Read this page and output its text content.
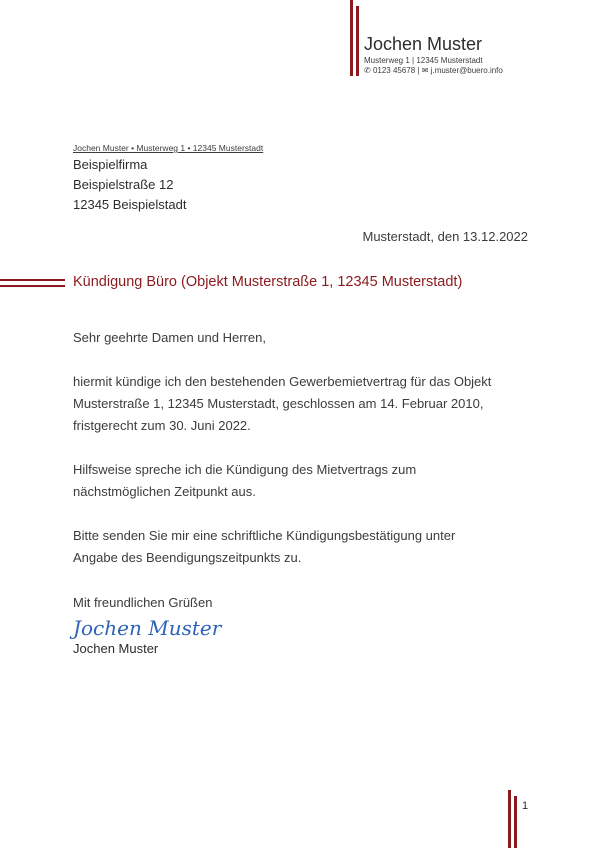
Jochen Muster
Musterweg 1 | 12345 Musterstadt
✆ 0123 45678 | ✉ j.muster@buero.info
Jochen Muster • Musterweg 1 • 12345 Musterstadt
Beispielfirma
Beispielstraße 12
12345 Beispielstadt
Musterstadt, den 13.12.2022
Kündigung Büro (Objekt Musterstraße 1, 12345 Musterstadt)
Sehr geehrte Damen und Herren,
hiermit kündige ich den bestehenden Gewerbemietvertrag für das Objekt
Musterstraße 1, 12345 Musterstadt, geschlossen am 14. Februar 2010,
fristgerecht zum 30. Juni 2022.
Hilfsweise spreche ich die Kündigung des Mietvertrags zum
nächstmöglichen Zeitpunkt aus.
Bitte senden Sie mir eine schriftliche Kündigungsbestätigung unter
Angabe des Beendigungszeitpunkts zu.
Mit freundlichen Grüßen
Jochen Muster
Jochen Muster
1
